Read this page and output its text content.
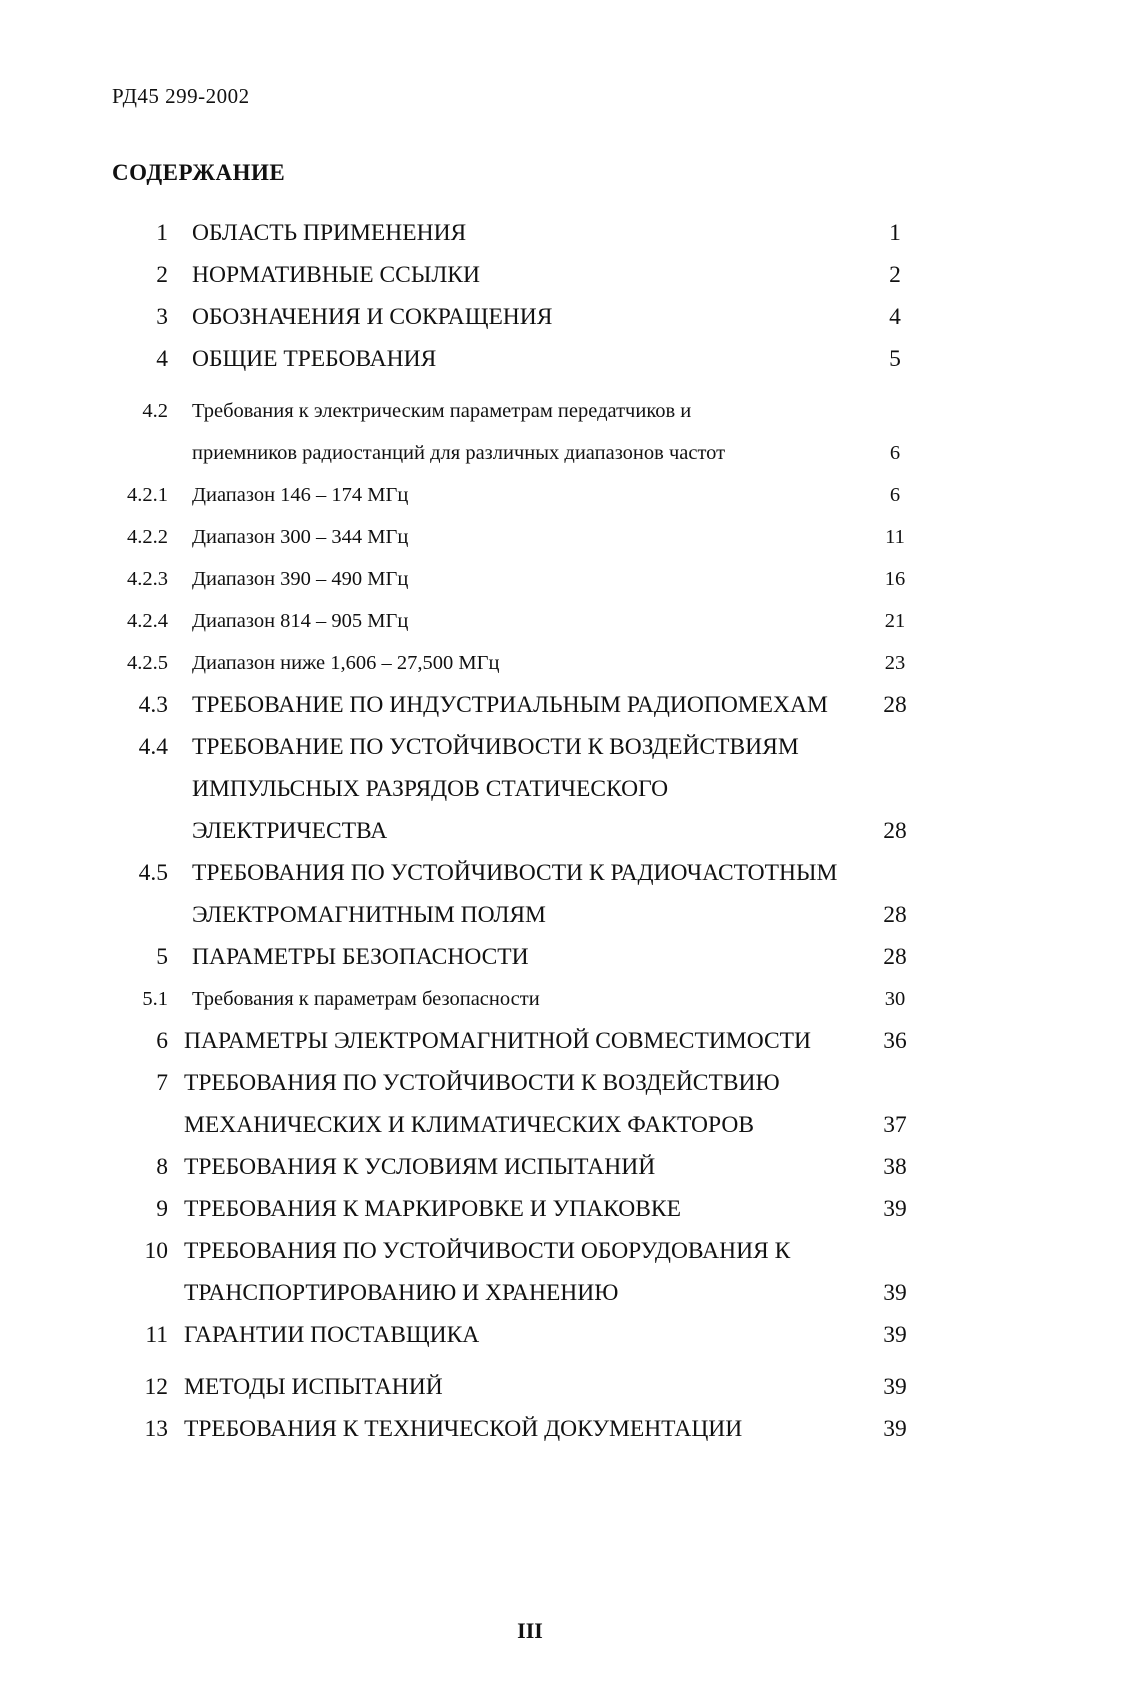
РД45 299-2002
СОДЕРЖАНИЕ
1 ОБЛАСТЬ ПРИМЕНЕНИЯ	1
2 НОРМАТИВНЫЕ ССЫЛКИ	2
3 ОБОЗНАЧЕНИЯ И СОКРАЩЕНИЯ	4
4 ОБЩИЕ ТРЕБОВАНИЯ	5
4.2 Требования к электрическим параметрам передатчиков и
приемников радиостанций для различных диапазонов частот	6
4.2.1 Диапазон 146 – 174 МГц	6
4.2.2 Диапазон 300 – 344 МГц	11
4.2.3 Диапазон 390 – 490 МГц	16
4.2.4 Диапазон 814 – 905 МГц	21
4.2.5 Диапазон ниже 1,606 – 27,500 МГц	23
4.3 ТРЕБОВАНИЕ ПО ИНДУСТРИАЛЬНЫМ РАДИОПОМЕХАМ	28
4.4 ТРЕБОВАНИЕ ПО УСТОЙЧИВОСТИ К ВОЗДЕЙСТВИЯМ
ИМПУЛЬСНЫХ РАЗРЯДОВ СТАТИЧЕСКОГО
ЭЛЕКТРИЧЕСТВА	28
4.5 ТРЕБОВАНИЯ ПО УСТОЙЧИВОСТИ К РАДИОЧАСТОТНЫМ
ЭЛЕКТРОМАГНИТНЫМ ПОЛЯМ	28
5 ПАРАМЕТРЫ БЕЗОПАСНОСТИ	28
5.1 Требования к параметрам безопасности	30
6 ПАРАМЕТРЫ ЭЛЕКТРОМАГНИТНОЙ СОВМЕСТИМОСТИ	36
7 ТРЕБОВАНИЯ ПО УСТОЙЧИВОСТИ К ВОЗДЕЙСТВИЮ
МЕХАНИЧЕСКИХ И КЛИМАТИЧЕСКИХ ФАКТОРОВ	37
8 ТРЕБОВАНИЯ К УСЛОВИЯМ ИСПЫТАНИЙ	38
9 ТРЕБОВАНИЯ К МАРКИРОВКЕ И УПАКОВКЕ	39
10 ТРЕБОВАНИЯ ПО УСТОЙЧИВОСТИ ОБОРУДОВАНИЯ К
ТРАНСПОРТИРОВАНИЮ И ХРАНЕНИЮ	39
11 ГАРАНТИИ ПОСТАВЩИКА	39
12 МЕТОДЫ ИСПЫТАНИЙ	39
13 ТРЕБОВАНИЯ К ТЕХНИЧЕСКОЙ ДОКУМЕНТАЦИИ	39
III
